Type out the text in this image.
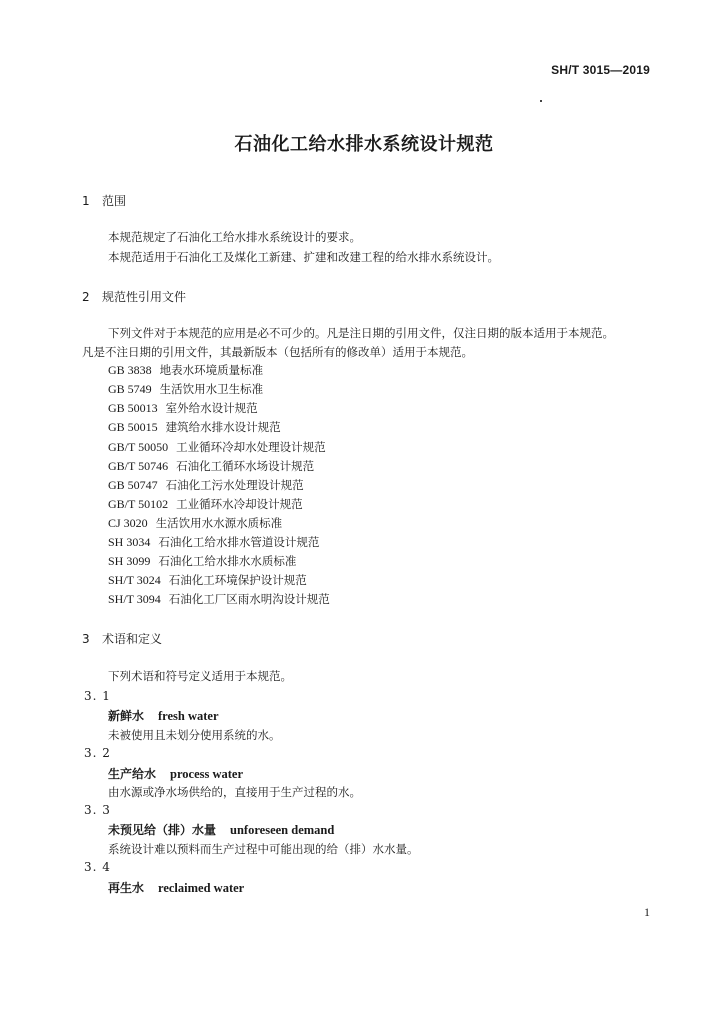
SH/T 3015—2019
石油化工给水排水系统设计规范
1 范围
本规范规定了石油化工给水排水系统设计的要求。
本规范适用于石油化工及煤化工新建、扩建和改建工程的给水排水系统设计。
2 规范性引用文件
下列文件对于本规范的应用是必不可少的。凡是注日期的引用文件，仅注日期的版本适用于本规范。
凡是不注日期的引用文件，其最新版本（包括所有的修改单）适用于本规范。
GB 3838 地表水环境质量标准
GB 5749 生活饮用水卫生标准
GB 50013 室外给水设计规范
GB 50015 建筑给水排水设计规范
GB/T 50050 工业循环冷却水处理设计规范
GB/T 50746 石油化工循环水场设计规范
GB 50747 石油化工污水处理设计规范
GB/T 50102 工业循环水冷却设计规范
CJ 3020 生活饮用水水源水质标准
SH 3034 石油化工给水排水管道设计规范
SH 3099 石油化工给水排水水质标准
SH/T 3024 石油化工环境保护设计规范
SH/T 3094 石油化工厂区雨水明沟设计规范
3 术语和定义
下列术语和符号定义适用于本规范。
3. 1
新鲜水 fresh water
未被使用且未划分使用系统的水。
3. 2
生产给水 process water
由水源或净水场供给的，直接用于生产过程的水。
3. 3
未预见给（排）水量 unforeseen demand
系统设计难以预料而生产过程中可能出现的给（排）水水量。
3. 4
再生水 reclaimed water
1
